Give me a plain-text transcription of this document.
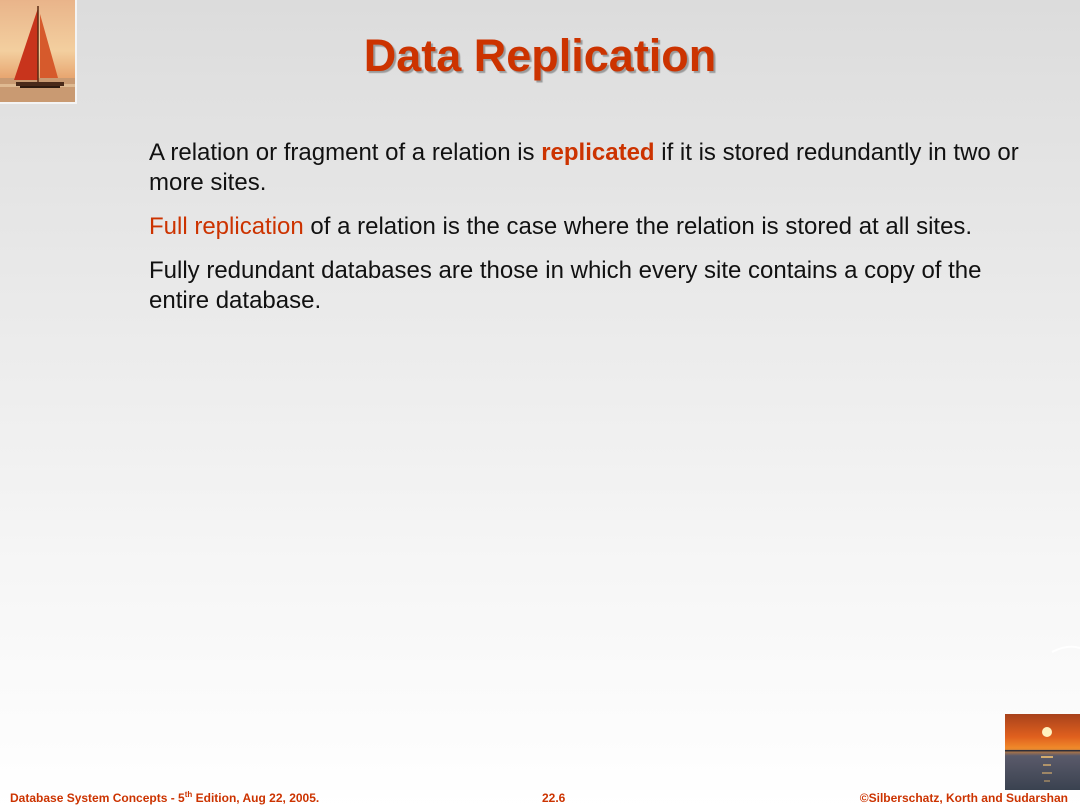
Data Replication

A relation or fragment of a relation is replicated if it is stored redundantly in two or more sites.

Full replication of a relation is the case where the relation is stored at all sites.

Fully redundant databases are those in which every site contains a copy of the entire database.

Database System Concepts - 5th Edition, Aug 22, 2005.	22.6	©Silberschatz, Korth and Sudarshan
